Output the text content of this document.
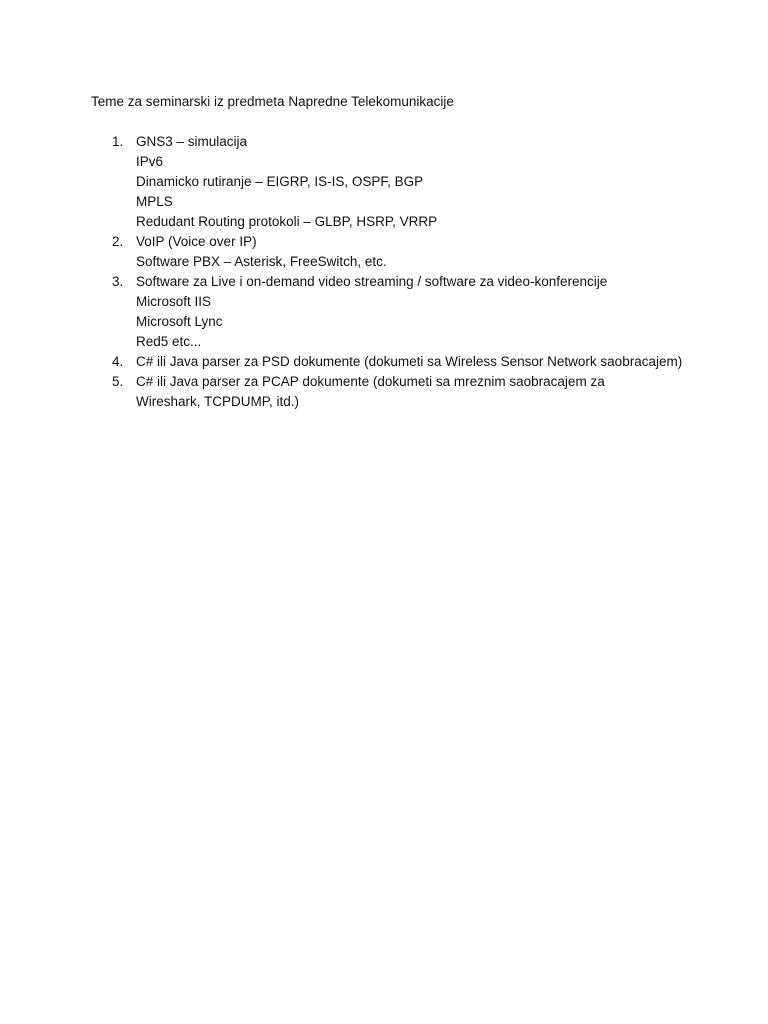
Teme za seminarski iz predmeta Napredne Telekomunikacije
1. GNS3 – simulacija
IPv6
Dinamicko rutiranje – EIGRP, IS-IS, OSPF, BGP
MPLS
Redudant Routing protokoli – GLBP, HSRP, VRRP
2. VoIP (Voice over IP)
Software PBX – Asterisk, FreeSwitch, etc.
3. Software za Live i on-demand video streaming / software za video-konferencije
Microsoft IIS
Microsoft Lync
Red5 etc...
4. C# ili Java parser za PSD dokumente (dokumeti sa Wireless Sensor Network saobracajem)
5. C# ili Java parser za PCAP dokumente (dokumeti sa mreznim saobracajem za Wireshark, TCPDUMP, itd.)
